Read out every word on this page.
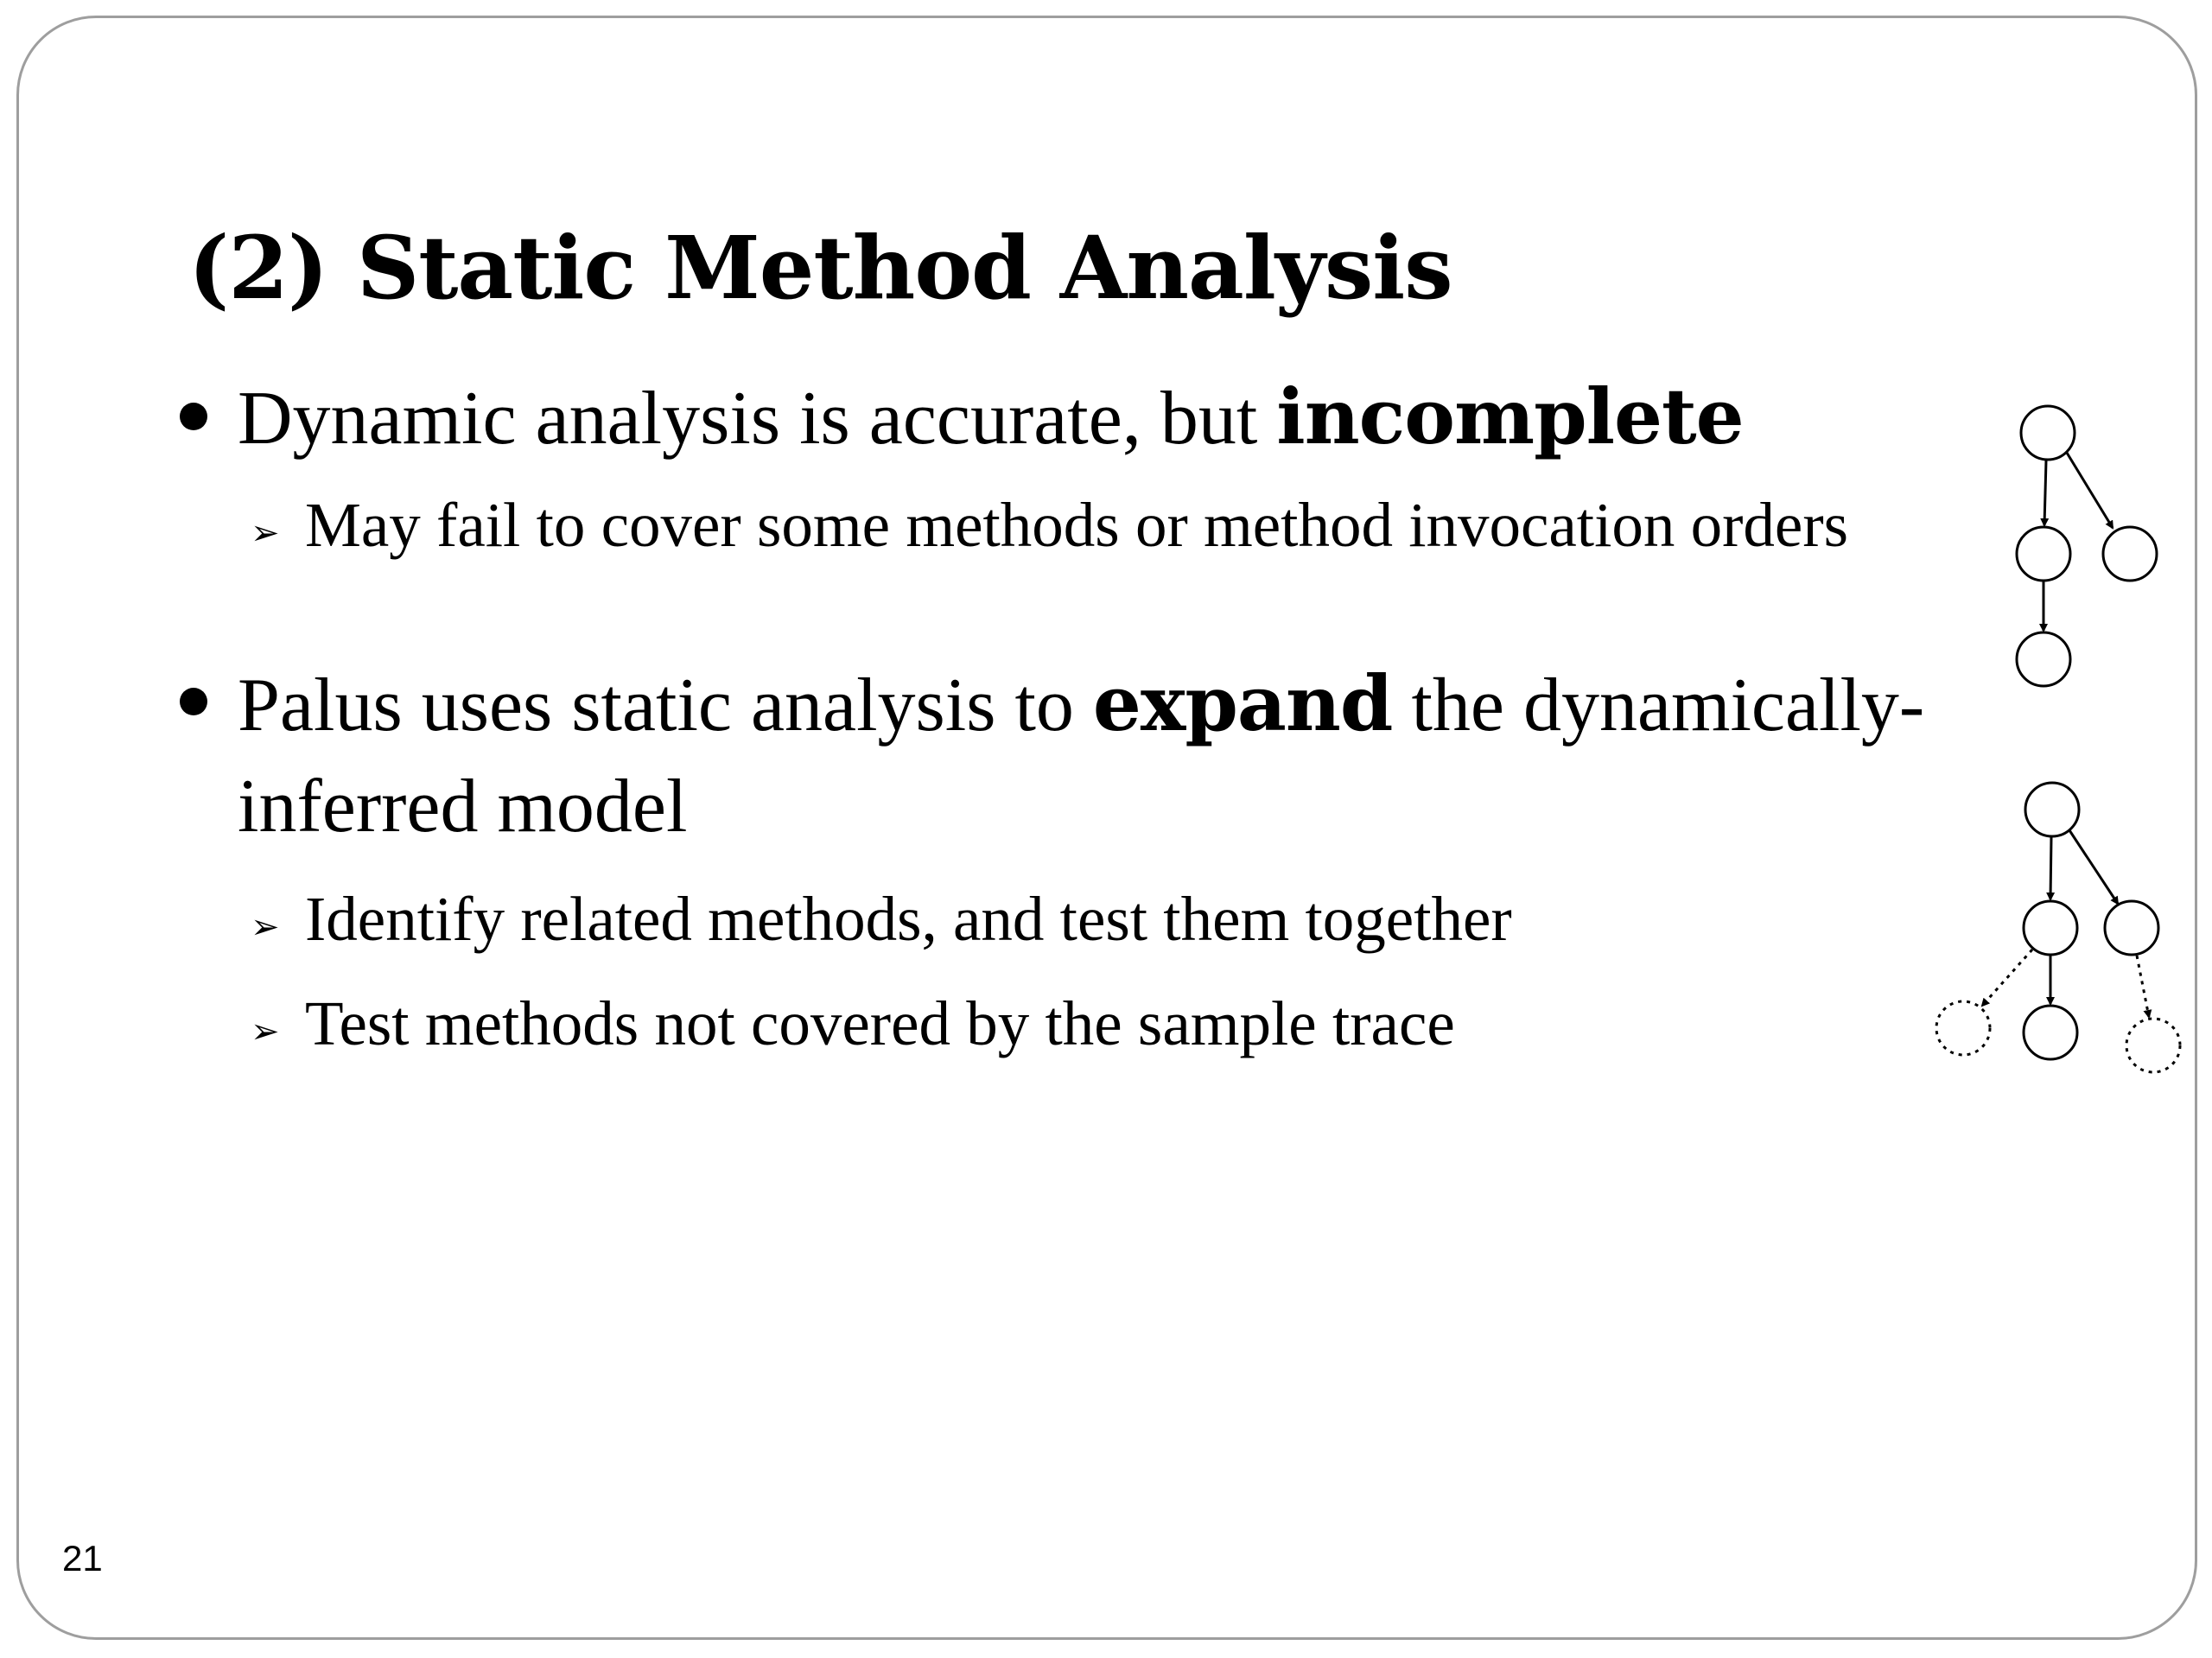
(2) Static Method Analysis
Dynamic analysis is accurate, but incomplete
➢ May fail to cover some methods or method invocation orders
Palus uses static analysis to expand the dynamically-
inferred model
➢ Identify related methods, and test them together
➢ Test methods not covered by the sample trace
21
